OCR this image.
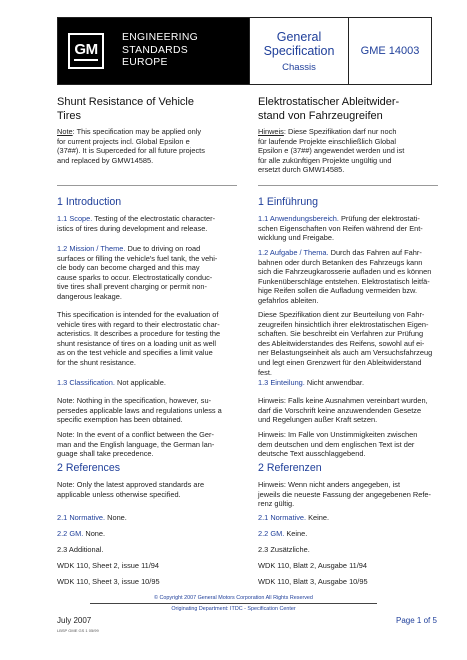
GM
ENGINEERING
STANDARDS
EUROPE
General
Specification
Chassis
GME 14003
Shunt Resistance of Vehicle
Tires
Note: This specification may be applied only
for current projects incl. Global Epsilon e
(37##). It is Superceded for all future projects
and replaced by GMW14585.
1 Introduction
1.1 Scope. Testing of the electrostatic character-
istics of tires during development and release.
1.2 Mission / Theme. Due to driving on road
surfaces or filling the vehicle's fuel tank, the vehi-
cle body can become charged and this may
cause sparks to occur. Electrostatically conduc-
tive tires shall prevent charging or permit non-
dangerous leakage.
This specification is intended for the evaluation of
vehicle tires with regard to their electrostatic char-
acteristics. It describes a procedure for testing the
shunt resistance of tires on a loading unit as well
as on the test vehicle and specifies a limit value
for the shunt resistance.
1.3 Classification. Not applicable.
Note: Nothing in the specification, however, su-
persedes applicable laws and regulations unless a
specific exemption has been obtained.
Note: In the event of a conflict between the Ger-
man and the English language, the German lan-
guage shall take precedence.
2 References
Note: Only the latest approved standards are
applicable unless otherwise specified.
2.1 Normative. None.
2.2 GM. None.
2.3 Additional.
WDK 110, Sheet 2, issue 11/94
WDK 110, Sheet 3, issue 10/95
Elektrostatischer Ableitwider-
stand von Fahrzeugreifen
Hinweis: Diese Spezifikation darf nur noch
für laufende Projekte einschließlich Global
Epsilon e (37##) angewendet werden und ist
für alle zukünftigen Projekte ungültig und
ersetzt durch GMW14585.
1 Einführung
1.1 Anwendungsbereich. Prüfung der elektrostati-
schen Eigenschaften von Reifen während der Ent-
wicklung und Freigabe.
1.2 Aufgabe / Thema. Durch das Fahren auf Fahr-
bahnen oder durch Betanken des Fahrzeugs kann
sich die Fahrzeugkarosserie aufladen und es können
Funkenüberschläge entstehen. Elektrostatisch leitfä-
hige Reifen sollen die Aufladung vermeiden bzw.
gefahrlos ableiten.
Diese Spezifikation dient zur Beurteilung von Fahr-
zeugreifen hinsichtlich ihrer elektrostatischen Eigen-
schaften. Sie beschreibt ein Verfahren zur Prüfung
des Ableitwiderstandes des Reifens, sowohl auf ei-
ner Belastungseinheit als auch am Versuchsfahrzeug
und legt einen Grenzwert für den Ableitwiderstand
fest.
1.3 Einteilung. Nicht anwendbar.
Hinweis: Falls keine Ausnahmen vereinbart wurden,
darf die Vorschrift keine anzuwendenden Gesetze
und Regelungen außer Kraft setzen.
Hinweis: Im Falle von Unstimmigkeiten zwischen
dem deutschen und dem englischen Text ist der
deutsche Text ausschlaggebend.
2 Referenzen
Hinweis: Wenn nicht anders angegeben, ist
jeweils die neueste Fassung der angegebenen Refe-
renz gültig.
2.1 Normative. Keine.
2.2 GM. Keine.
2.3 Zusätzliche.
WDK 110, Blatt 2, Ausgabe 11/94
WDK 110, Blatt 3, Ausgabe 10/95
© Copyright 2007 General Motors Corporation All Rights Reserved
Originating Department: ITDC - Specification Center
July 2007	Page 1 of 5
LBSP GME GS 1 05/99
